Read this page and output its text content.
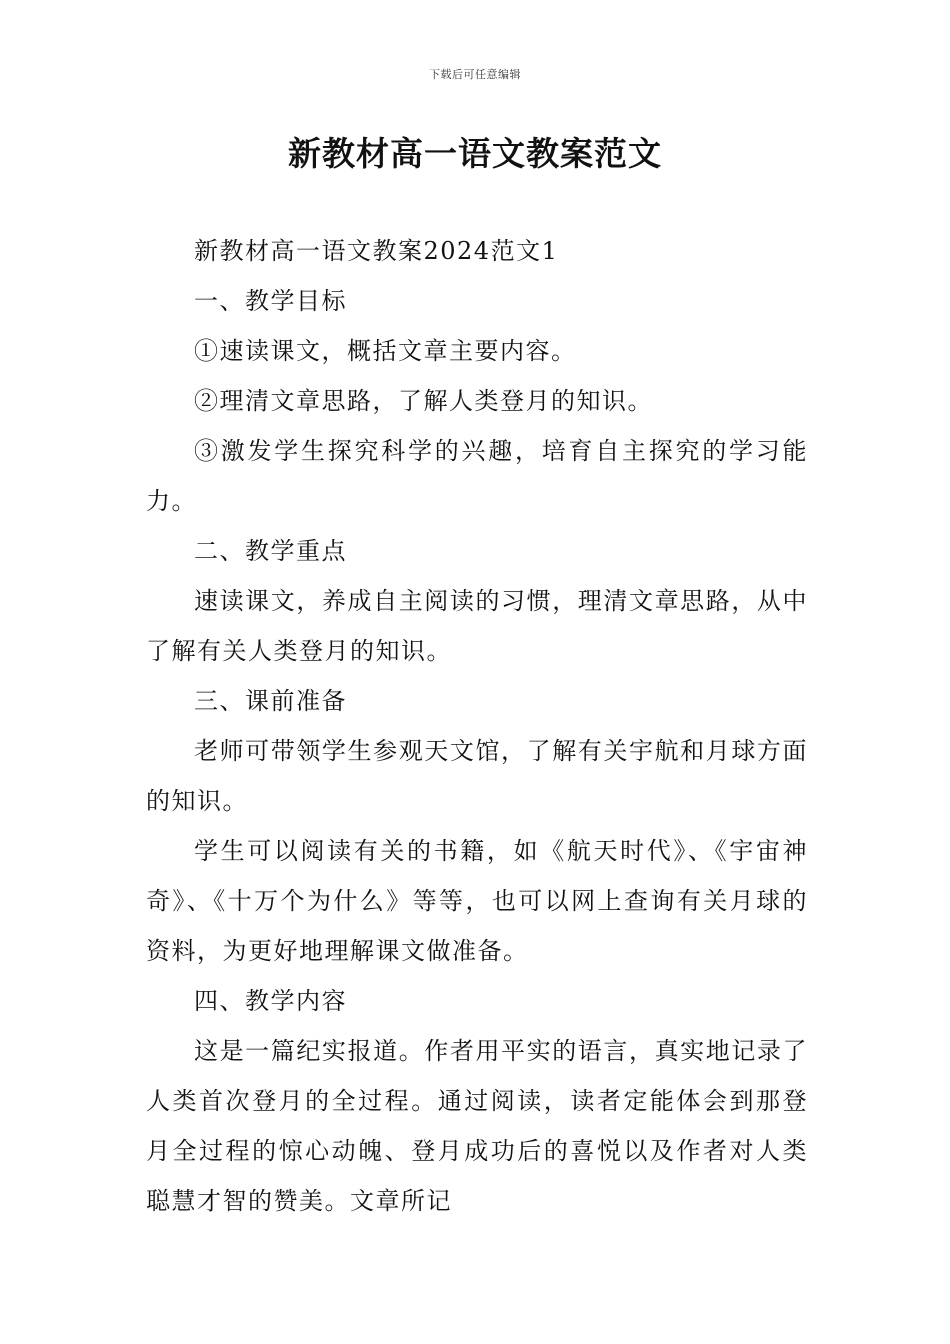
下载后可任意编辑
新教材高一语文教案范文

新教材高一语文教案2024范文1

一、教学目标

①速读课文，概括文章主要内容。

②理清文章思路，了解人类登月的知识。

③激发学生探究科学的兴趣，培育自主探究的学习能力。

二、教学重点

速读课文，养成自主阅读的习惯，理清文章思路，从中了解有关人类登月的知识。

三、课前准备

老师可带领学生参观天文馆，了解有关宇航和月球方面的知识。

学生可以阅读有关的书籍，如《航天时代》、《宇宙神奇》、《十万个为什么》等等，也可以网上查询有关月球的资料，为更好地理解课文做准备。

四、教学内容

这是一篇纪实报道。作者用平实的语言，真实地记录了人类首次登月的全过程。通过阅读，读者定能体会到那登月全过程的惊心动魄、登月成功后的喜悦以及作者对人类聪慧才智的赞美。文章所记
